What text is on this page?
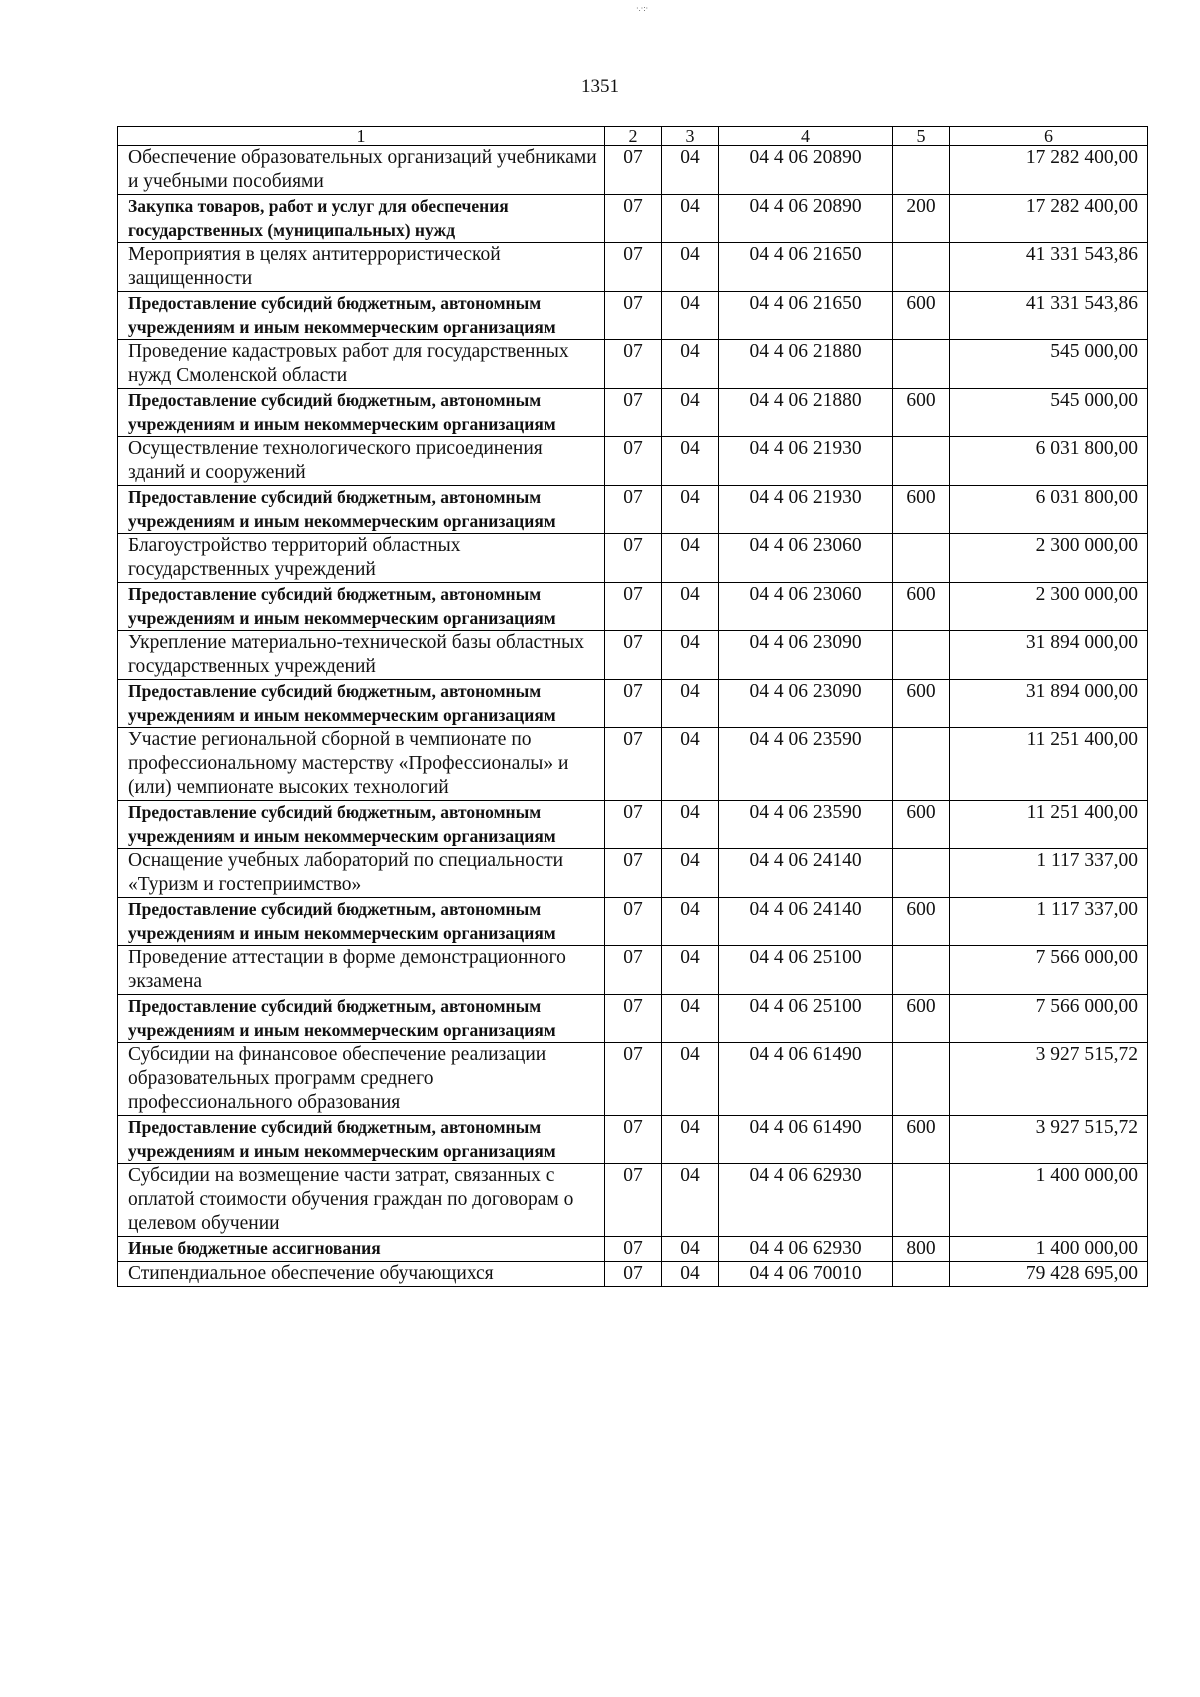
·.·:·
1351
1	2	3	4	5	6
Обеспечение образовательных организаций учебниками и учебными пособиями	07	04	04 4 06 20890		17 282 400,00
Закупка товаров, работ и услуг для обеспечения государственных (муниципальных) нужд	07	04	04 4 06 20890	200	17 282 400,00
Мероприятия в целях антитеррористической защищенности	07	04	04 4 06 21650		41 331 543,86
Предоставление субсидий бюджетным, автономным учреждениям и иным некоммерческим организациям	07	04	04 4 06 21650	600	41 331 543,86
Проведение кадастровых работ для государственных нужд Смоленской области	07	04	04 4 06 21880		545 000,00
Предоставление субсидий бюджетным, автономным учреждениям и иным некоммерческим организациям	07	04	04 4 06 21880	600	545 000,00
Осуществление технологического присоединения зданий и сооружений	07	04	04 4 06 21930		6 031 800,00
Предоставление субсидий бюджетным, автономным учреждениям и иным некоммерческим организациям	07	04	04 4 06 21930	600	6 031 800,00
Благоустройство территорий областных государственных учреждений	07	04	04 4 06 23060		2 300 000,00
Предоставление субсидий бюджетным, автономным учреждениям и иным некоммерческим организациям	07	04	04 4 06 23060	600	2 300 000,00
Укрепление материально-технической базы областных государственных учреждений	07	04	04 4 06 23090		31 894 000,00
Предоставление субсидий бюджетным, автономным учреждениям и иным некоммерческим организациям	07	04	04 4 06 23090	600	31 894 000,00
Участие региональной сборной в чемпионате по профессиональному мастерству «Профессионалы» и (или) чемпионате высоких технологий	07	04	04 4 06 23590		11 251 400,00
Предоставление субсидий бюджетным, автономным учреждениям и иным некоммерческим организациям	07	04	04 4 06 23590	600	11 251 400,00
Оснащение учебных лабораторий по специальности «Туризм и гостеприимство»	07	04	04 4 06 24140		1 117 337,00
Предоставление субсидий бюджетным, автономным учреждениям и иным некоммерческим организациям	07	04	04 4 06 24140	600	1 117 337,00
Проведение аттестации в форме демонстрационного экзамена	07	04	04 4 06 25100		7 566 000,00
Предоставление субсидий бюджетным, автономным учреждениям и иным некоммерческим организациям	07	04	04 4 06 25100	600	7 566 000,00
Субсидии на финансовое обеспечение реализации образовательных программ среднего профессионального образования	07	04	04 4 06 61490		3 927 515,72
Предоставление субсидий бюджетным, автономным учреждениям и иным некоммерческим организациям	07	04	04 4 06 61490	600	3 927 515,72
Субсидии на возмещение части затрат, связанных с оплатой стоимости обучения граждан по договорам о целевом обучении	07	04	04 4 06 62930		1 400 000,00
Иные бюджетные ассигнования	07	04	04 4 06 62930	800	1 400 000,00
Стипендиальное обеспечение обучающихся	07	04	04 4 06 70010		79 428 695,00
